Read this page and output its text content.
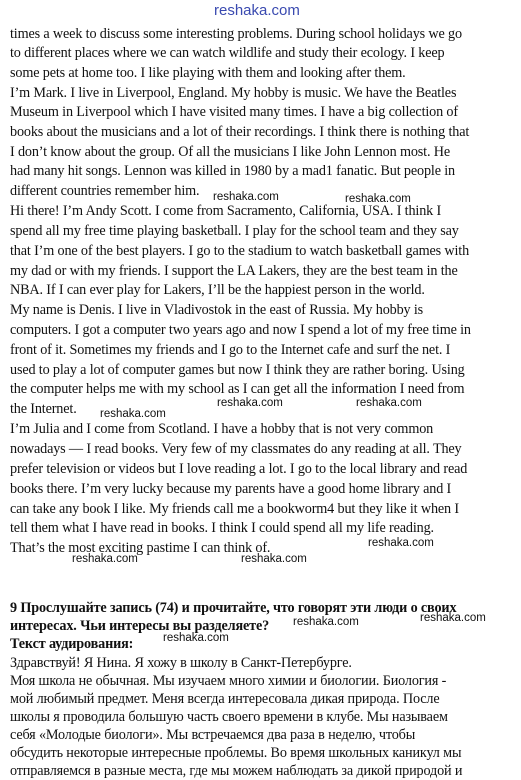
reshaka.com
times a week to discuss some interesting problems. During school holidays we go
to different places where we can watch wildlife and study their ecology. I keep
some pets at home too. I like playing with them and looking after them.
I’m Mark. I live in Liverpool, England. My hobby is music. We have the Beatles
Museum in Liverpool which I have visited many times. I have a big collection of
books about the musicians and a lot of their recordings. I think there is nothing that
I don’t know about the group. Of all the musicians I like John Lennon most. He
had many hit songs. Lennon was killed in 1980 by a mad1 fanatic. But people in
different countries remember him.
Hi there! I’m Andy Scott. I come from Sacramento, California, USA. I think I
spend all my free time playing basketball. I play for the school team and they say
that I’m one of the best players. I go to the stadium to watch basketball games with
my dad or with my friends. I support the LA Lakers, they are the best team in the
NBA. If I can ever play for Lakers, I’ll be the happiest person in the world.
My name is Denis. I live in Vladivostok in the east of Russia. My hobby is
computers. I got a computer two years ago and now I spend a lot of my free time in
front of it. Sometimes my friends and I go to the Internet cafe and surf the net. I
used to play a lot of computer games but now I think they are rather boring. Using
the computer helps me with my school as I can get all the information I need from
the Internet.
I’m Julia and I come from Scotland. I have a hobby that is not very common
nowadays — I read books. Very few of my classmates do any reading at all. They
prefer television or videos but I love reading a lot. I go to the local library and read
books there. I’m very lucky because my parents have a good home library and I
can take any book I like. My friends call me a bookworm4 but they like it when I
tell them what I have read in books. I think I could spend all my life reading.
That’s the most exciting pastime I can think of.
9 Прослушайте запись (74) и прочитайте, что говорят эти люди о своих
интересах. Чьи интересы вы разделяете?
Текст аудирования:
Здравствуй! Я Нина. Я хожу в школу в Санкт-Петербурге.
Моя школа не обычная. Мы изучаем много химии и биологии. Биология -
мой любимый предмет. Меня всегда интересовала дикая природа. После
школы я проводила большую часть своего времени в клубе. Мы называем
себя «Молодые биологи». Мы встречаемся два раза в неделю, чтобы
обсудить некоторые интересные проблемы. Во время школьных каникул мы
отправляемся в разные места, где мы можем наблюдать за дикой природой и
reshaka.com	reshaka.com
reshaka.com
reshaka.com	reshaka.com
reshaka.com
reshaka.com	reshaka.com
reshaka.com	reshaka.com
reshaka.com
